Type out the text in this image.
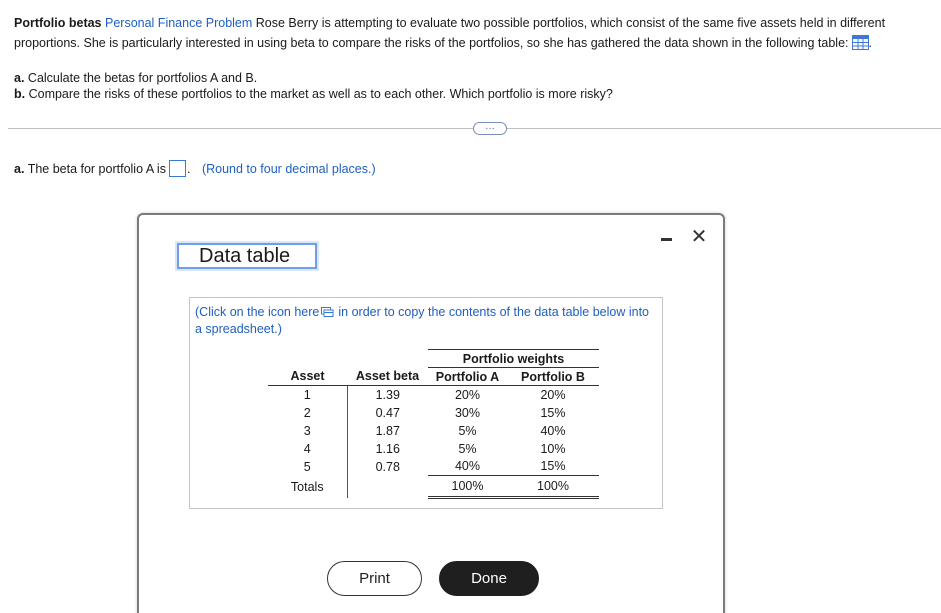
Portfolio betas Personal Finance Problem Rose Berry is attempting to evaluate two possible portfolios, which consist of the same five assets held in different proportions. She is particularly interested in using beta to compare the risks of the portfolios, so she has gathered the data shown in the following table: .
a. Calculate the betas for portfolios A and B.
b. Compare the risks of these portfolios to the market as well as to each other. Which portfolio is more risky?
…
a. The beta for portfolio A is . (Round to four decimal places.)
✕
Data table
(Click on the icon here in order to copy the contents of the data table below into a spreadsheet.)
		Portfolio weights	
Asset	Asset beta	Portfolio A	Portfolio B
1	1.39	20%	20%
2	0.47	30%	15%
3	1.87	5%	40%
4	1.16	5%	10%
5	0.78	40%	15%
Totals		100%	100%
Print	Done
